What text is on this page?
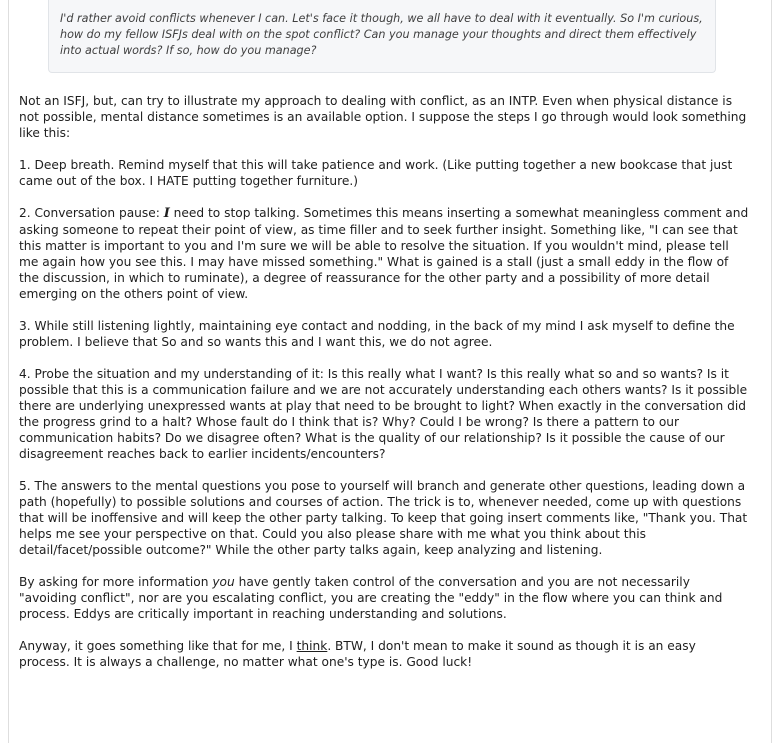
I'd rather avoid conflicts whenever I can. Let's face it though, we all have to deal with it eventually. So I'm curious, how do my fellow ISFJs deal with on the spot conflict? Can you manage your thoughts and direct them effectively into actual words? If so, how do you manage?

Not an ISFJ, but, can try to illustrate my approach to dealing with conflict, as an INTP. Even when physical distance is not possible, mental distance sometimes is an available option. I suppose the steps I go through would look something like this:

1. Deep breath. Remind myself that this will take patience and work. (Like putting together a new bookcase that just came out of the box. I HATE putting together furniture.)

2. Conversation pause: I need to stop talking. Sometimes this means inserting a somewhat meaningless comment and asking someone to repeat their point of view, as time filler and to seek further insight. Something like, "I can see that this matter is important to you and I'm sure we will be able to resolve the situation. If you wouldn't mind, please tell me again how you see this. I may have missed something." What is gained is a stall (just a small eddy in the flow of the discussion, in which to ruminate), a degree of reassurance for the other party and a possibility of more detail emerging on the others point of view.

3. While still listening lightly, maintaining eye contact and nodding, in the back of my mind I ask myself to define the problem. I believe that So and so wants this and I want this, we do not agree.

4. Probe the situation and my understanding of it: Is this really what I want? Is this really what so and so wants? Is it possible that this is a communication failure and we are not accurately understanding each others wants? Is it possible there are underlying unexpressed wants at play that need to be brought to light? When exactly in the conversation did the progress grind to a halt? Whose fault do I think that is? Why? Could I be wrong? Is there a pattern to our communication habits? Do we disagree often? What is the quality of our relationship? Is it possible the cause of our disagreement reaches back to earlier incidents/encounters?

5. The answers to the mental questions you pose to yourself will branch and generate other questions, leading down a path (hopefully) to possible solutions and courses of action. The trick is to, whenever needed, come up with questions that will be inoffensive and will keep the other party talking. To keep that going insert comments like, "Thank you. That helps me see your perspective on that. Could you also please share with me what you think about this detail/facet/possible outcome?" While the other party talks again, keep analyzing and listening.

By asking for more information you have gently taken control of the conversation and you are not necessarily "avoiding conflict", nor are you escalating conflict, you are creating the "eddy" in the flow where you can think and process. Eddys are critically important in reaching understanding and solutions.

Anyway, it goes something like that for me, I think. BTW, I don't mean to make it sound as though it is an easy process. It is always a challenge, no matter what one's type is. Good luck!
